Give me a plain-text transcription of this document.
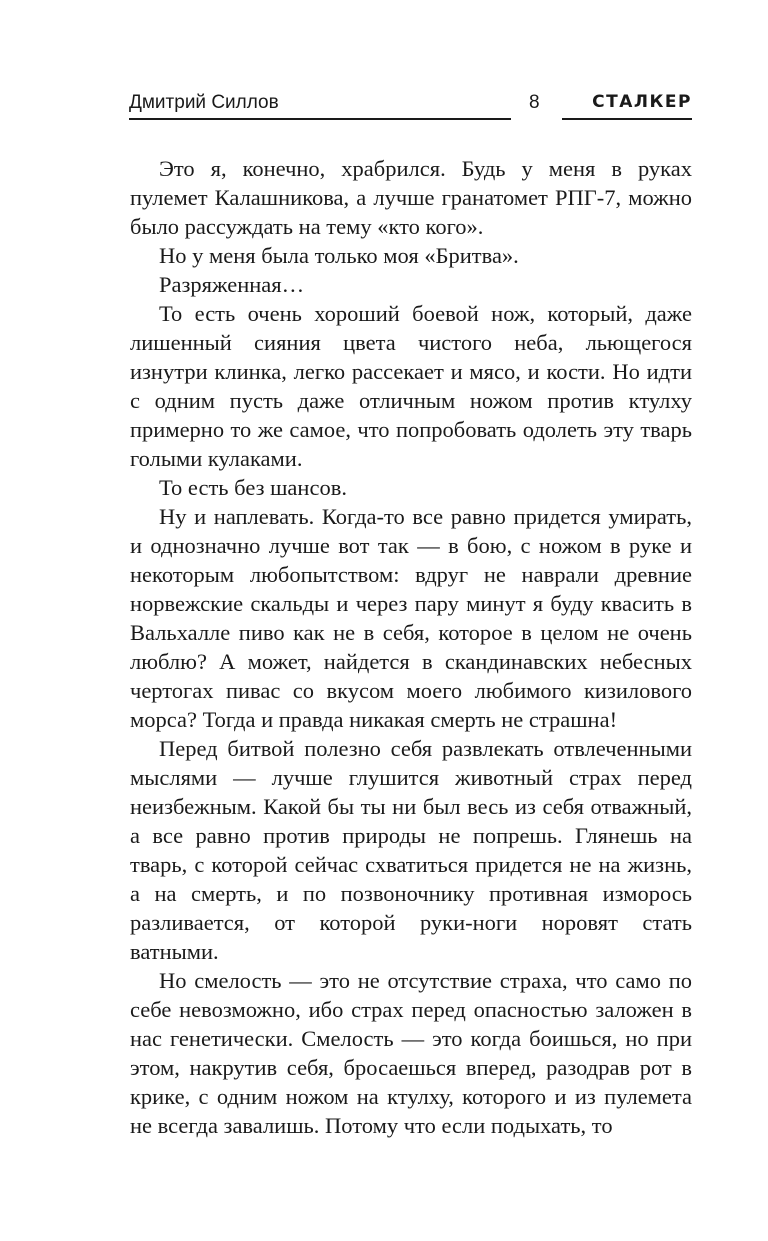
Дмитрий Силлов	8	СТАЛКЕР

Это я, конечно, храбрился. Будь у меня в руках пулемет Калашникова, а лучше гранатомет РПГ-7, можно было рассуждать на тему «кто кого».

Но у меня была только моя «Бритва».

Разряженная…

То есть очень хороший боевой нож, который, даже лишенный сияния цвета чистого неба, льющегося изнутри клинка, легко рассекает и мясо, и кости. Но идти с одним пусть даже отличным ножом против ктулху примерно то же самое, что попробовать одолеть эту тварь голыми кулаками.

То есть без шансов.

Ну и наплевать. Когда-то все равно придется умирать, и однозначно лучше вот так — в бою, с ножом в руке и некоторым любопытством: вдруг не наврали древние норвежские скальды и через пару минут я буду квасить в Вальхалле пиво как не в себя, которое в целом не очень люблю? А может, найдется в скандинавских небесных чертогах пивас со вкусом моего любимого кизилового морса? Тогда и правда никакая смерть не страшна!

Перед битвой полезно себя развлекать отвлеченными мыслями — лучше глушится животный страх перед неизбежным. Какой бы ты ни был весь из себя отважный, а все равно против природы не попрешь. Глянешь на тварь, с которой сейчас схватиться придется не на жизнь, а на смерть, и по позвоночнику противная изморось разливается, от которой руки-ноги норовят стать ватными.

Но смелость — это не отсутствие страха, что само по себе невозможно, ибо страх перед опасностью заложен в нас генетически. Смелость — это когда боишься, но при этом, накрутив себя, бросаешься вперед, разодрав рот в крике, с одним ножом на ктулху, которого и из пулемета не всегда завалишь. Потому что если подыхать, то
